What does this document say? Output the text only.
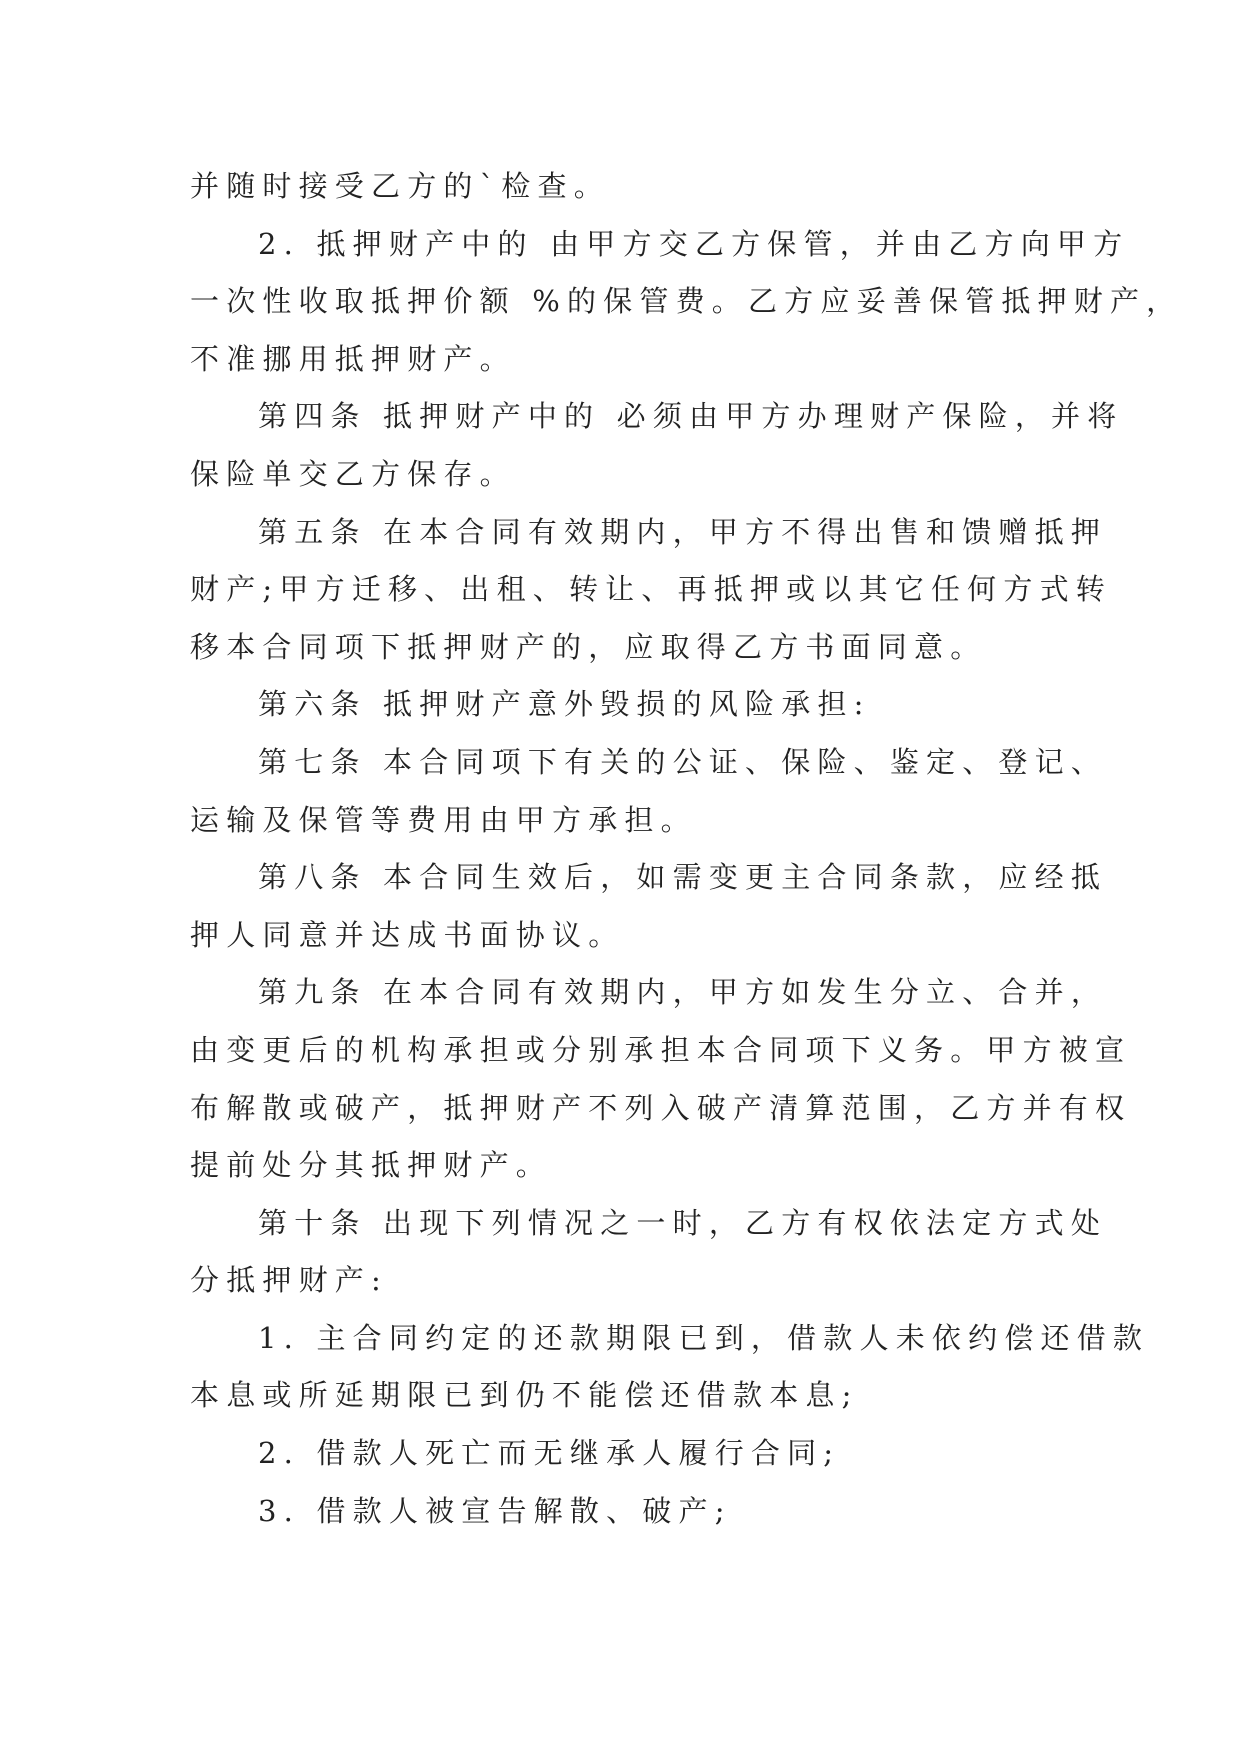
并随时接受乙方的`检查。
2. 抵押财产中的 由甲方交乙方保管，并由乙方向甲方
一次性收取抵押价额 %的保管费。乙方应妥善保管抵押财产，
不准挪用抵押财产。
第四条 抵押财产中的 必须由甲方办理财产保险，并将
保险单交乙方保存。
第五条 在本合同有效期内，甲方不得出售和馈赠抵押
财产;甲方迁移、出租、转让、再抵押或以其它任何方式转
移本合同项下抵押财产的，应取得乙方书面同意。
第六条 抵押财产意外毁损的风险承担:
第七条 本合同项下有关的公证、保险、鉴定、登记、
运输及保管等费用由甲方承担。
第八条 本合同生效后，如需变更主合同条款，应经抵
押人同意并达成书面协议。
第九条 在本合同有效期内，甲方如发生分立、合并，
由变更后的机构承担或分别承担本合同项下义务。甲方被宣
布解散或破产，抵押财产不列入破产清算范围，乙方并有权
提前处分其抵押财产。
第十条 出现下列情况之一时，乙方有权依法定方式处
分抵押财产:
1. 主合同约定的还款期限已到，借款人未依约偿还借款
本息或所延期限已到仍不能偿还借款本息;
2. 借款人死亡而无继承人履行合同;
3. 借款人被宣告解散、破产;
